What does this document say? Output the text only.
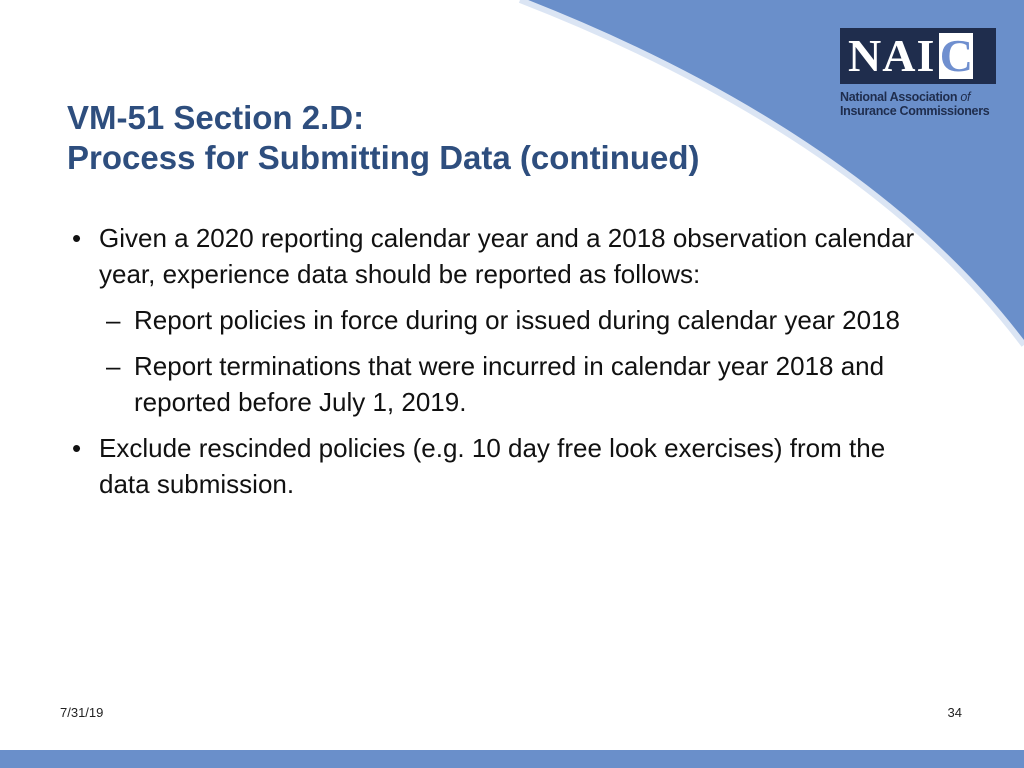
NAI C
National Association of
Insurance Commissioners
VM-51 Section 2.D:
Process for Submitting Data (continued)
• Given a 2020 reporting calendar year and a 2018 observation calendar year, experience data should be reported as follows:
– Report policies in force during or issued during calendar year 2018
– Report terminations that were incurred in calendar year 2018 and reported before July 1, 2019.
• Exclude rescinded policies (e.g. 10 day free look exercises) from the data submission.
7/31/19	34
